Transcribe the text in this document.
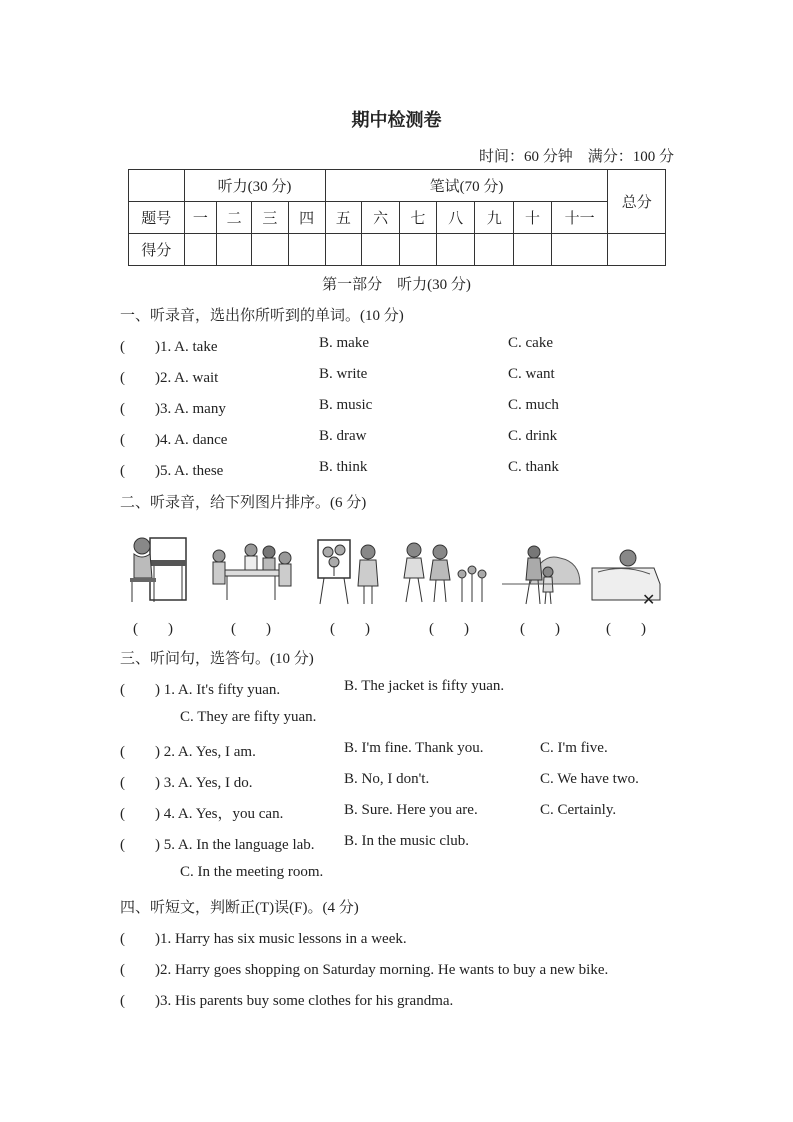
期中检测卷
时间：60 分钟　满分：100 分
	听力(30 分)				笔试(70 分)							总分
题号	一	二	三	四	五	六	七	八	九	十	十一	
得分												
第一部分　听力(30 分)
一、听录音，选出你所听到的单词。(10 分)
(　　)1. A. take	B. make	C. cake
(　　)2. A. wait	B. write	C. want
(　　)3. A. many	B. music	C. much
(　　)4. A. dance	B. draw	C. drink
(　　)5. A. these	B. think	C. thank
二、听录音，给下列图片排序。(6 分)
✕
(　　)	(　　)	(　　)	(　　)	(　　)	(　　)
三、听问句，选答句。(10 分)
(　　) 1. A. It's fifty yuan.	B. The jacket is fifty yuan.
C. They are fifty yuan.
(　　) 2. A. Yes, I am.	B. I'm fine. Thank you.	C. I'm five.
(　　) 3. A. Yes, I do.	B. No, I don't.	C. We have two.
(　　) 4. A. Yes，you can.	B. Sure. Here you are.	C. Certainly.
(　　) 5. A. In the language lab. B. In the music club.
C. In the meeting room.
四、听短文，判断正(T)误(F)。(4 分)
(　　)1. Harry has six music lessons in a week.
(　　)2. Harry goes shopping on Saturday morning. He wants to buy a new bike.
(　　)3. His parents buy some clothes for his grandma.
